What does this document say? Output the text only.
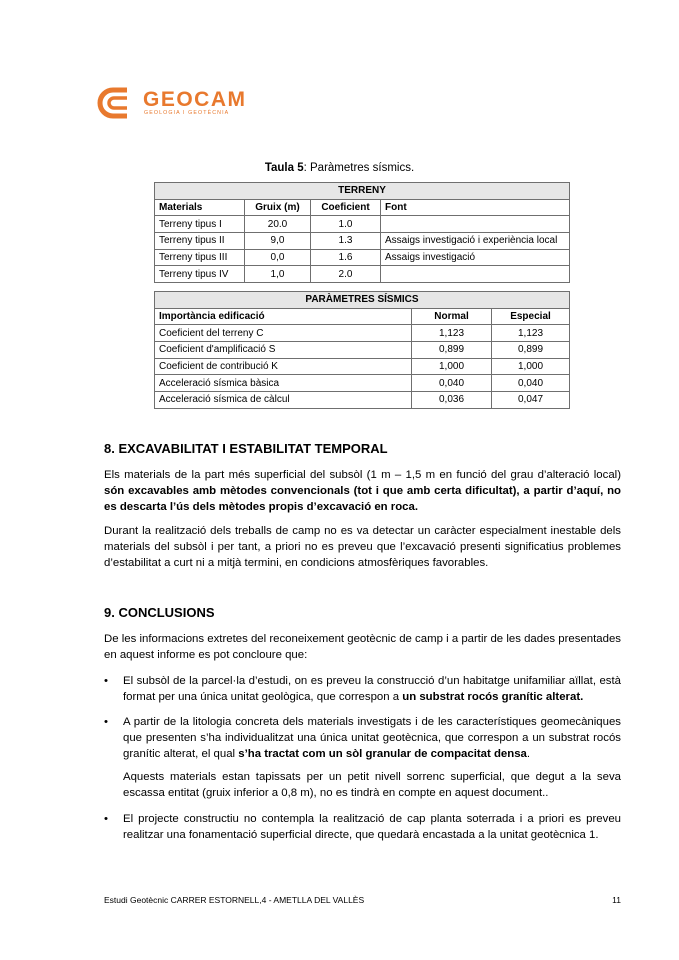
GEOCAM
GEOLOGIA I GEOTÈCNIA
Taula 5: Paràmetres sísmics.
TERRENY			
Materials	Gruix (m)	Coeficient	Font
Terreny tipus I	20.0	1.0	
Terreny tipus II	9,0	1.3	Assaigs investigació i experiència local
Terreny tipus III	0,0	1.6	Assaigs investigació
Terreny tipus IV	1,0	2.0	
PARÀMETRES SÍSMICS		
Importància edificació	Normal	Especial
Coeficient del terreny C	1,123	1,123
Coeficient d'amplificació S	0,899	0,899
Coeficient de contribució K	1,000	1,000
Acceleració sísmica bàsica	0,040	0,040
Acceleració sísmica de càlcul	0,036	0,047
8. EXCAVABILITAT I ESTABILITAT TEMPORAL

Els materials de la part més superficial del subsòl (1 m – 1,5 m en funció del grau d’alteració local) són excavables amb mètodes convencionals (tot i que amb certa dificultat), a partir d’aquí, no es descarta l’ús dels mètodes propis d’excavació en roca.

Durant la realització dels treballs de camp no es va detectar un caràcter especialment inestable dels materials del subsòl i per tant, a priori no es preveu que l’excavació presenti significatius problemes d’estabilitat a curt ni a mitjà termini, en condicions atmosfèriques favorables.

9. CONCLUSIONS

De les informacions extretes del reconeixement geotècnic de camp i a partir de les dades presentades en aquest informe es pot concloure que:

• El subsòl de la parcel·la d’estudi, on es preveu la construcció d’un habitatge unifamiliar aïllat, està format per una única unitat geològica, que correspon a un substrat rocós granític alterat.

• A partir de la litologia concreta dels materials investigats i de les característiques geomecàniques que presenten s’ha individualitzat una única unitat geotècnica, que correspon a un substrat rocós granític alterat, el qual s’ha tractat com un sòl granular de compacitat densa.

Aquests materials estan tapissats per un petit nivell sorrenc superficial, que degut a la seva escassa entitat (gruix inferior a 0,8 m), no es tindrà en compte en aquest document..

• El projecte constructiu no contempla la realització de cap planta soterrada i a priori es preveu realitzar una fonamentació superficial directe, que quedarà encastada a la unitat geotècnica 1.

Estudi Geotècnic CARRER ESTORNELL,4 - AMETLLA DEL VALLÈS	11
